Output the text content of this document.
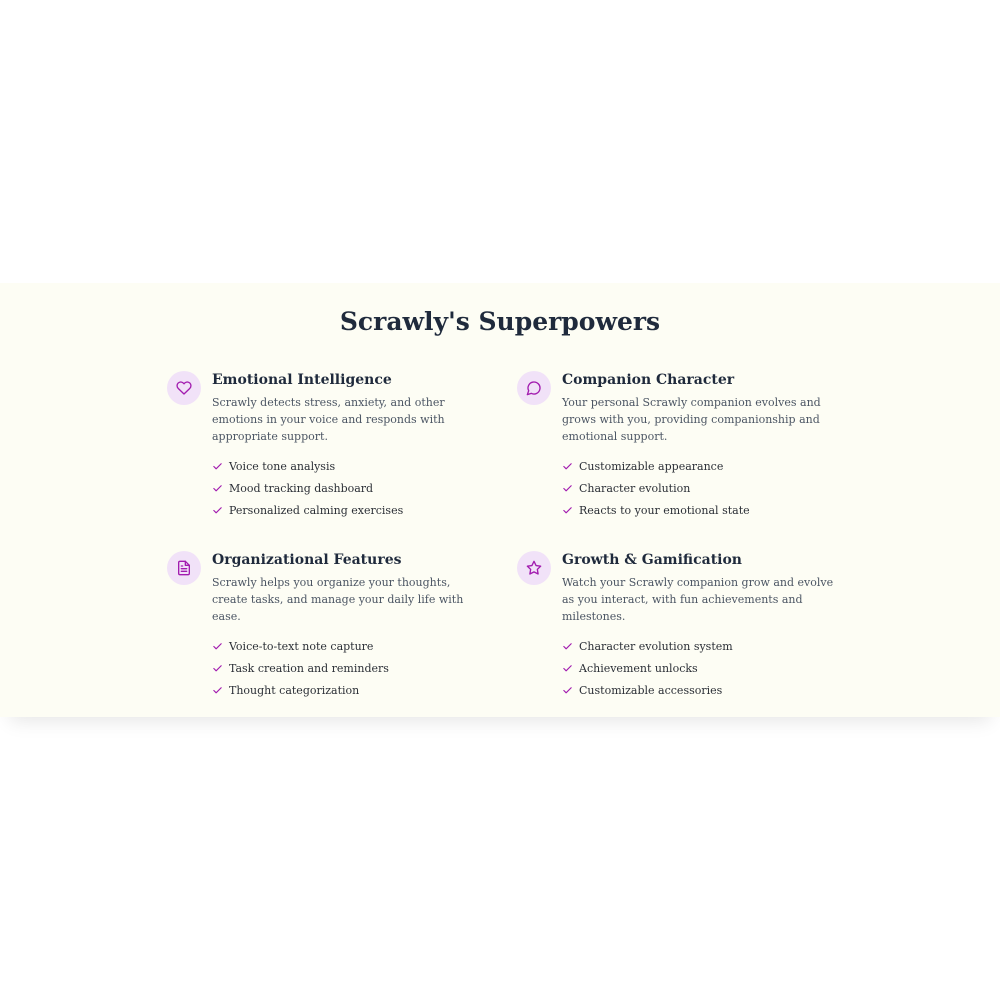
Scrawly's Superpowers
Emotional Intelligence

Scrawly detects stress, anxiety, and other emotions in your voice and responds with appropriate support.

Voice tone analysis
Mood tracking dashboard
Personalized calming exercises
Companion Character

Your personal Scrawly companion evolves and grows with you, providing companionship and emotional support.

Customizable appearance
Character evolution
Reacts to your emotional state
Organizational Features

Scrawly helps you organize your thoughts, create tasks, and manage your daily life with ease.

Voice-to-text note capture
Task creation and reminders
Thought categorization
Growth & Gamification

Watch your Scrawly companion grow and evolve as you interact, with fun achievements and milestones.

Character evolution system
Achievement unlocks
Customizable accessories
